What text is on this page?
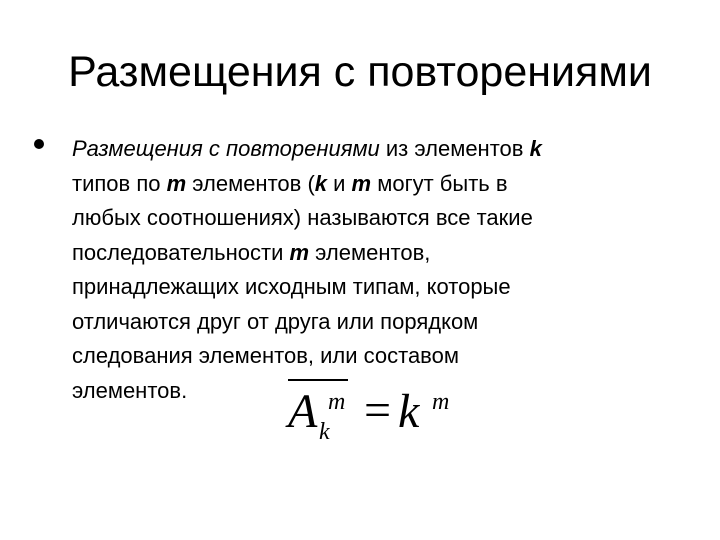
Размещения с повторениями
Размещения с повторениями из элементов k
типов по m элементов (k и m могут быть в
любых соотношениях) называются все такие
последовательности m элементов,
принадлежащих исходным типам, которые
отличаются друг от друга или порядком
следования элементов, или составом
элементов.	A m
k = k m
